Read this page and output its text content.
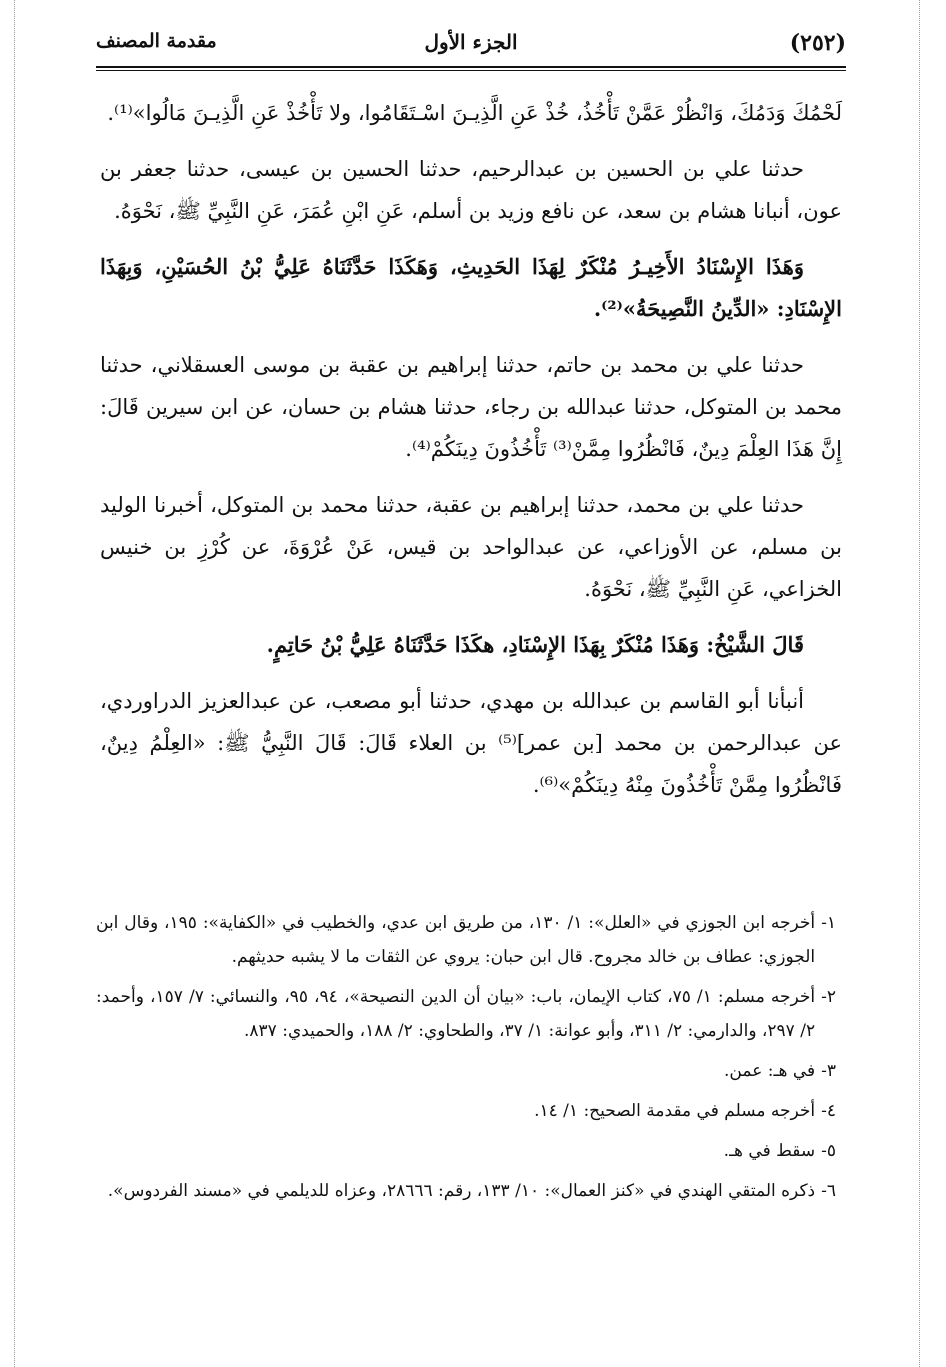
(٢٥٢)
الجزء الأول
مقدمة المصنف

لَحْمُكَ وَدَمُكَ، وَانْظُرْ عَمَّنْ تَأْخُذُ، خُذْ عَنِ الَّذِيـنَ اسْـتَقَامُوا، ولا تَأْخُذْ عَنِ الَّذِيـنَ مَالُوا»⁽¹⁾.

حدثنا علي بن الحسين بن عبدالرحيم، حدثنا الحسين بن عيسى، حدثنا جعفر بن عون، أنبانا هشام بن سعد، عن نافع وزيد بن أسلم، عَنِ ابْنِ عُمَرَ، عَنِ النَّبِيِّ ﷺ، نَحْوَهُ.

وَهَذَا الإِسْنَادُ الأَخِيـرُ مُنْكَرٌ لِهَذَا الحَدِيثِ، وَهَكَذَا حَدَّثَنَاهُ عَلِيُّ بْنُ الحُسَيْنِ، وَبِهَذَا الإِسْنَادِ: «الدِّينُ النَّصِيحَةُ»⁽²⁾.

حدثنا علي بن محمد بن حاتم، حدثنا إبراهيم بن عقبة بن موسى العسقلاني، حدثنا محمد بن المتوكل، حدثنا عبدالله بن رجاء، حدثنا هشام بن حسان، عن ابن سيرين قَالَ: إِنَّ هَذَا العِلْمَ دِينٌ، فَانْظُرُوا مِمَّنْ⁽³⁾ تَأْخُذُونَ دِينَكُمْ⁽⁴⁾.

حدثنا علي بن محمد، حدثنا إبراهيم بن عقبة، حدثنا محمد بن المتوكل، أخبرنا الوليد بن مسلم، عن الأوزاعي، عن عبدالواحد بن قيس، عَنْ عُرْوَةَ، عن كُرْزِ بن خنيس الخزاعي، عَنِ النَّبِيِّ ﷺ، نَحْوَهُ.

قَالَ الشَّيْخُ: وَهَذَا مُنْكَرٌ بِهَذَا الإِسْنَادِ، هكَذَا حَدَّثَنَاهُ عَلِيُّ بْنُ حَاتِمٍ.

أنبأنا أبو القاسم بن عبدالله بن مهدي، حدثنا أبو مصعب، عن عبدالعزيز الدراوردي، عن عبدالرحمن بن محمد [بن عمر]⁽⁵⁾ بن العلاء قَالَ: قَالَ النَّبِيُّ ﷺ: «العِلْمُ دِينٌ، فَانْظُرُوا مِمَّنْ تَأْخُذُونَ مِنْهُ دِينَكُمْ»⁽⁶⁾.

١-
أخرجه ابن الجوزي في «العلل»: ١/ ١٣٠، من طريق ابن عدي، والخطيب في «الكفاية»: ١٩٥، وقال ابن الجوزي: عطاف بن خالد مجروح. قال ابن حبان: يروي عن الثقات ما لا يشبه حديثهم.
٢-
أخرجه مسلم: ١/ ٧٥، كتاب الإيمان، باب: «بيان أن الدين النصيحة»، ٩٤، ٩٥، والنسائي: ٧/ ١٥٧، وأحمد: ٢/ ٢٩٧، والدارمي: ٢/ ٣١١، وأبو عوانة: ١/ ٣٧، والطحاوي: ٢/ ١٨٨، والحميدي: ٨٣٧.
٣-
في هـ: عمن.
٤-
أخرجه مسلم في مقدمة الصحيح: ١/ ١٤.
٥-
سقط في هـ.
٦-
ذكره المتقي الهندي في «كنز العمال»: ١٠/ ١٣٣، رقم: ٢٨٦٦٦، وعزاه للديلمي في «مسند الفردوس».
